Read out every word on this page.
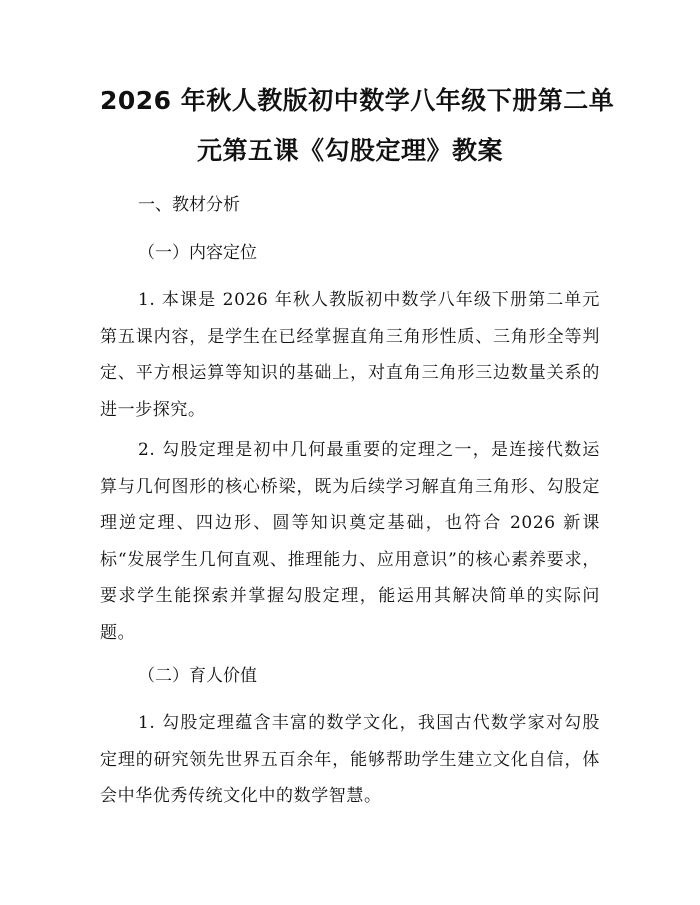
2026 年秋人教版初中数学八年级下册第二单
元第五课《勾股定理》教案
一、教材分析
（一）内容定位
1. 本课是 2026 年秋人教版初中数学八年级下册第二单元第五课内容，是学生在已经掌握直角三角形性质、三角形全等判定、平方根运算等知识的基础上，对直角三角形三边数量关系的进一步探究。
2. 勾股定理是初中几何最重要的定理之一，是连接代数运算与几何图形的核心桥梁，既为后续学习解直角三角形、勾股定理逆定理、四边形、圆等知识奠定基础，也符合 2026 新课标“发展学生几何直观、推理能力、应用意识”的核心素养要求，要求学生能探索并掌握勾股定理，能运用其解决简单的实际问题。
（二）育人价值
1. 勾股定理蕴含丰富的数学文化，我国古代数学家对勾股定理的研究领先世界五百余年，能够帮助学生建立文化自信，体会中华优秀传统文化中的数学智慧。
